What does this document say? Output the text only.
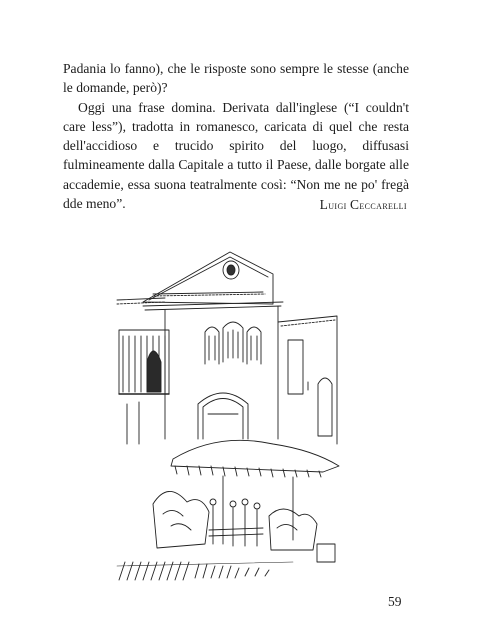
Padania lo fanno), che le risposte sono sempre le stesse (anche le domande, però)?

Oggi una frase domina. Derivata dall'inglese (“I couldn't care less”), tradotta in romanesco, caricata di quel che resta dell'accidioso e trucido spirito del luogo, diffusasi fulmineamente dalla Capitale a tutto il Paese, dalle borgate alle accademie, essa suona teatralmente così: “Non me ne po' fregà dde meno”.	Luigi Ceccarelli
59
